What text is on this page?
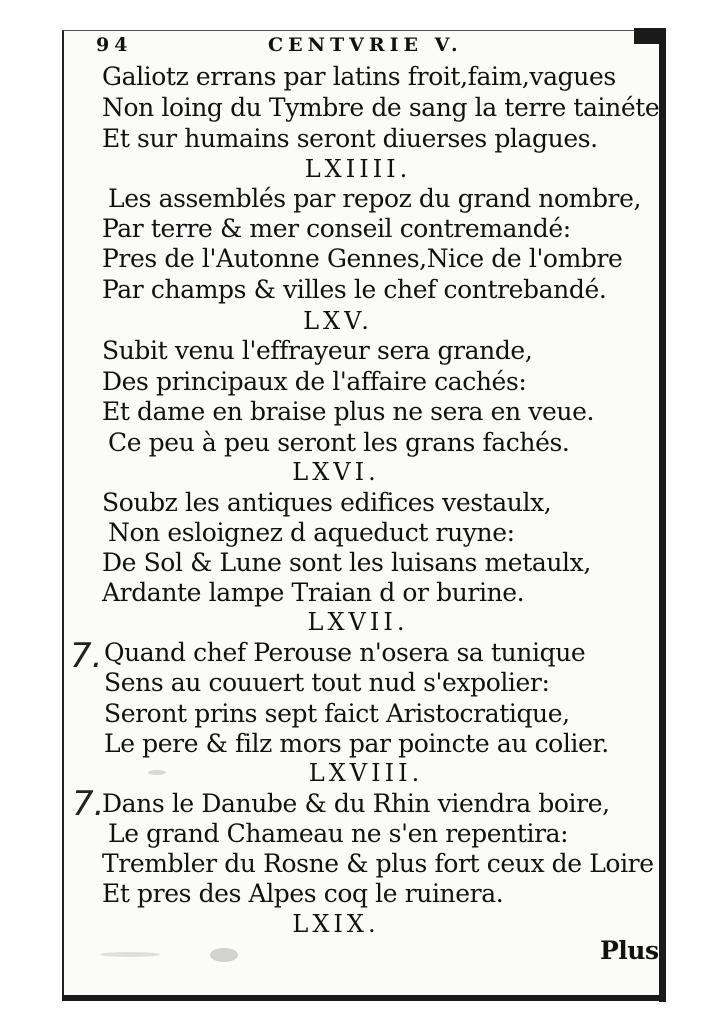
94	CENTVRIE V.
Galiotz errans par latins froit,faim,vagues
Non loing du Tymbre de sang la terre tainéte
Et sur humains seront diuerses plagues.
LXIIII.
Les assemblés par repoz du grand nombre,
Par terre & mer conseil contremandé:
Pres de l'Autonne Gennes,Nice de l'ombre
Par champs & villes le chef contrebandé.
LXV.
Subit venu l'effrayeur sera grande,
Des principaux de l'affaire cachés:
Et dame en braise plus ne sera en veue.
Ce peu à peu seront les grans fachés.
LXVI.
Soubz les antiques edifices vestaulx,
Non esloignez d aqueduct ruyne:
De Sol & Lune sont les luisans metaulx,
Ardante lampe Traian d or burine.
LXVII.
Quand chef Perouse n'osera sa tunique
Sens au couuert tout nud s'expolier:
Seront prins sept faict Aristocratique,
Le pere & filz mors par poincte au colier.
LXVIII.
Dans le Danube & du Rhin viendra boire,
Le grand Chameau ne s'en repentira:
Trembler du Rosne & plus fort ceux de Loire
Et pres des Alpes coq le ruinera.
LXIX.
7.
7.
Plus
